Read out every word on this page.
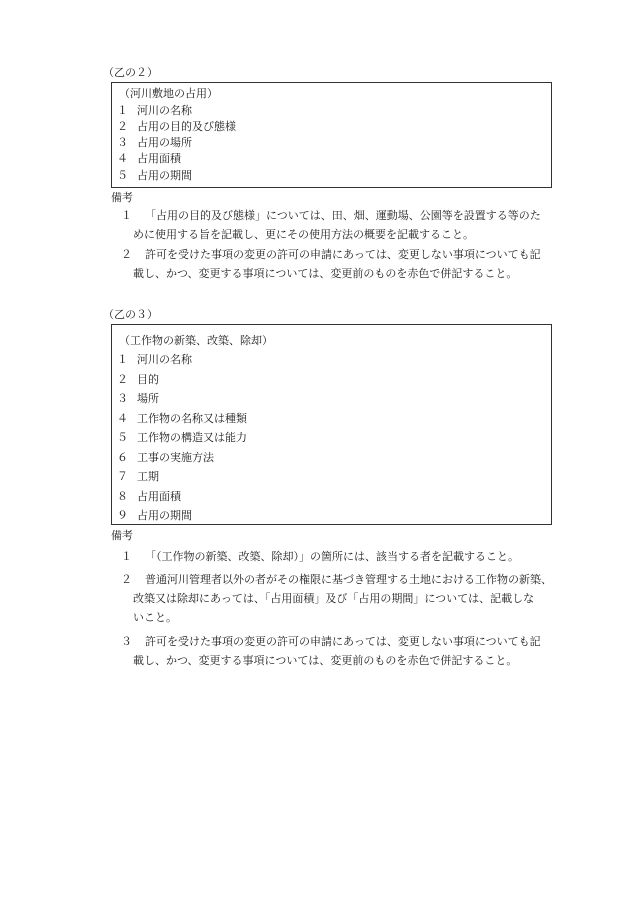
（乙の２）
（河川敷地の占用）
１ 河川の名称
２ 占用の目的及び態様
３ 占用の場所
４ 占用面積
５ 占用の期間
備考
１ 「占用の目的及び態様」については、田、畑、運動場、公園等を設置する等のた
めに使用する旨を記載し、更にその使用方法の概要を記載すること。
２ 許可を受けた事項の変更の許可の申請にあっては、変更しない事項についても記
載し、かつ、変更する事項については、変更前のものを赤色で併記すること。
（乙の３）
（工作物の新築、改築、除却）
１ 河川の名称
２ 目的
３ 場所
４ 工作物の名称又は種類
５ 工作物の構造又は能力
６ 工事の実施方法
７ 工期
８ 占用面積
９ 占用の期間
備考
１ 「（工作物の新築、改築、除却）」の箇所には、該当する者を記載すること。
２ 普通河川管理者以外の者がその権限に基づき管理する土地における工作物の新築、
改築又は除却にあっては、「占用面積」及び「占用の期間」については、記載しな
いこと。
３ 許可を受けた事項の変更の許可の申請にあっては、変更しない事項についても記
載し、かつ、変更する事項については、変更前のものを赤色で併記すること。
